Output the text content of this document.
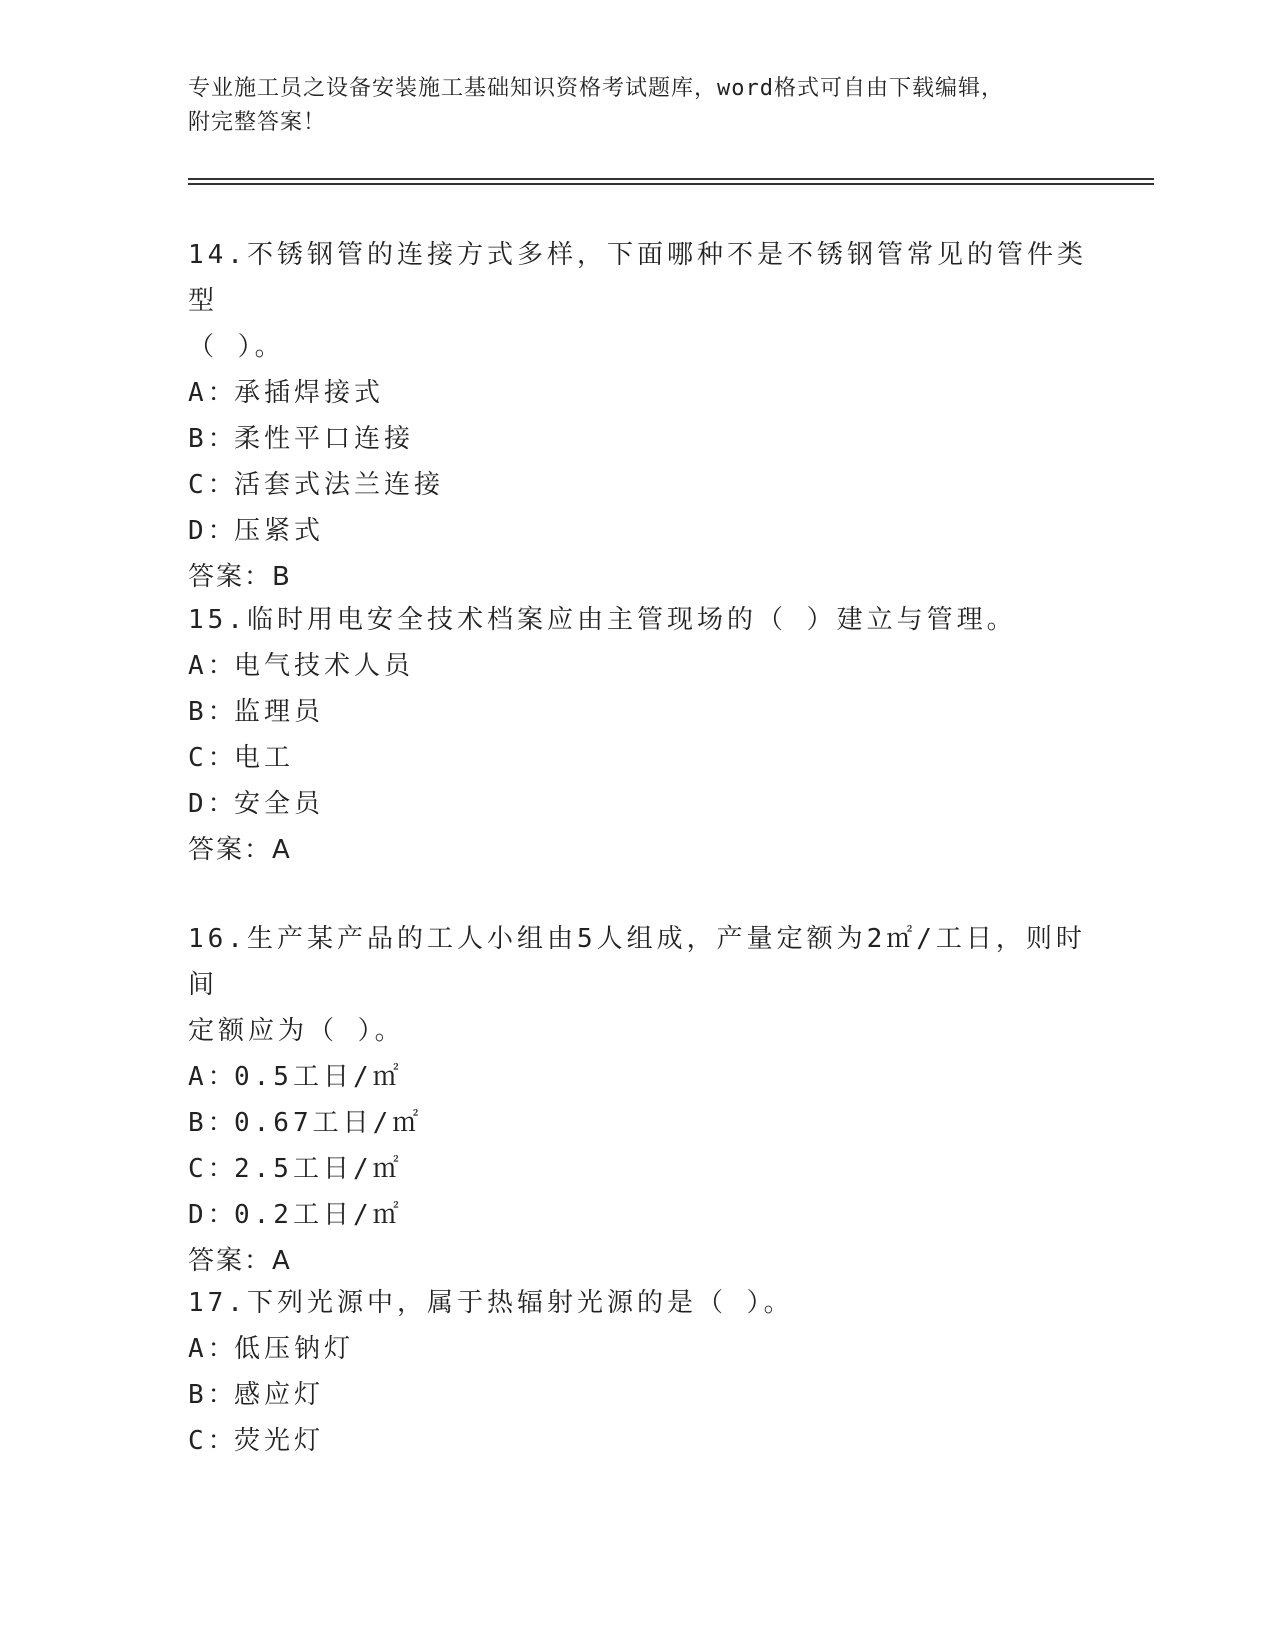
专业施工员之设备安装施工基础知识资格考试题库，word格式可自由下载编辑，
附完整答案！

14.不锈钢管的连接方式多样，下面哪种不是不锈钢管常见的管件类型

（ ）。

A：承插焊接式

B：柔性平口连接

C：活套式法兰连接

D：压紧式

答案：B

15.临时用电安全技术档案应由主管现场的（ ）建立与管理。

A：电气技术人员

B：监理员

C：电工

D：安全员

答案：A

16.生产某产品的工人小组由5人组成，产量定额为2㎡/工日，则时间

定额应为（ ）。

A：0.5工日/㎡

B：0.67工日/㎡

C：2.5工日/㎡

D：0.2工日/㎡

答案：A

17.下列光源中，属于热辐射光源的是（ ）。

A：低压钠灯

B：感应灯

C：荧光灯
